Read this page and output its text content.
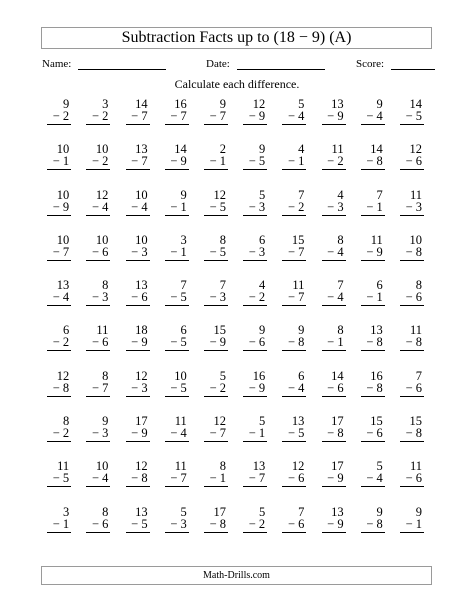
Subtraction Facts up to (18 − 9) (A)
Name:	Date:	Score:
Calculate each difference.
9
− 2
3
− 2
14
− 7
16
− 7
9
− 7
12
− 9
5
− 4
13
− 9
9
− 4
14
− 5
10
− 1
10
− 2
13
− 7
14
− 9
2
− 1
9
− 5
4
− 1
11
− 2
14
− 8
12
− 6
10
− 9
12
− 4
10
− 4
9
− 1
12
− 5
5
− 3
7
− 2
4
− 3
7
− 1
11
− 3
10
− 7
10
− 6
10
− 3
3
− 1
8
− 5
6
− 3
15
− 7
8
− 4
11
− 9
10
− 8
13
− 4
8
− 3
13
− 6
7
− 5
7
− 3
4
− 2
11
− 7
7
− 4
6
− 1
8
− 6
6
− 2
11
− 6
18
− 9
6
− 5
15
− 9
9
− 6
9
− 8
8
− 1
13
− 8
11
− 8
12
− 8
8
− 7
12
− 3
10
− 5
5
− 2
16
− 9
6
− 4
14
− 6
16
− 8
7
− 6
8
− 2
9
− 3
17
− 9
11
− 4
12
− 7
5
− 1
13
− 5
17
− 8
15
− 6
15
− 8
11
− 5
10
− 4
12
− 8
11
− 7
8
− 1
13
− 7
12
− 6
17
− 9
5
− 4
11
− 6
3
− 1
8
− 6
13
− 5
5
− 3
17
− 8
5
− 2
7
− 6
13
− 9
9
− 8
9
− 1
Math-Drills.com
